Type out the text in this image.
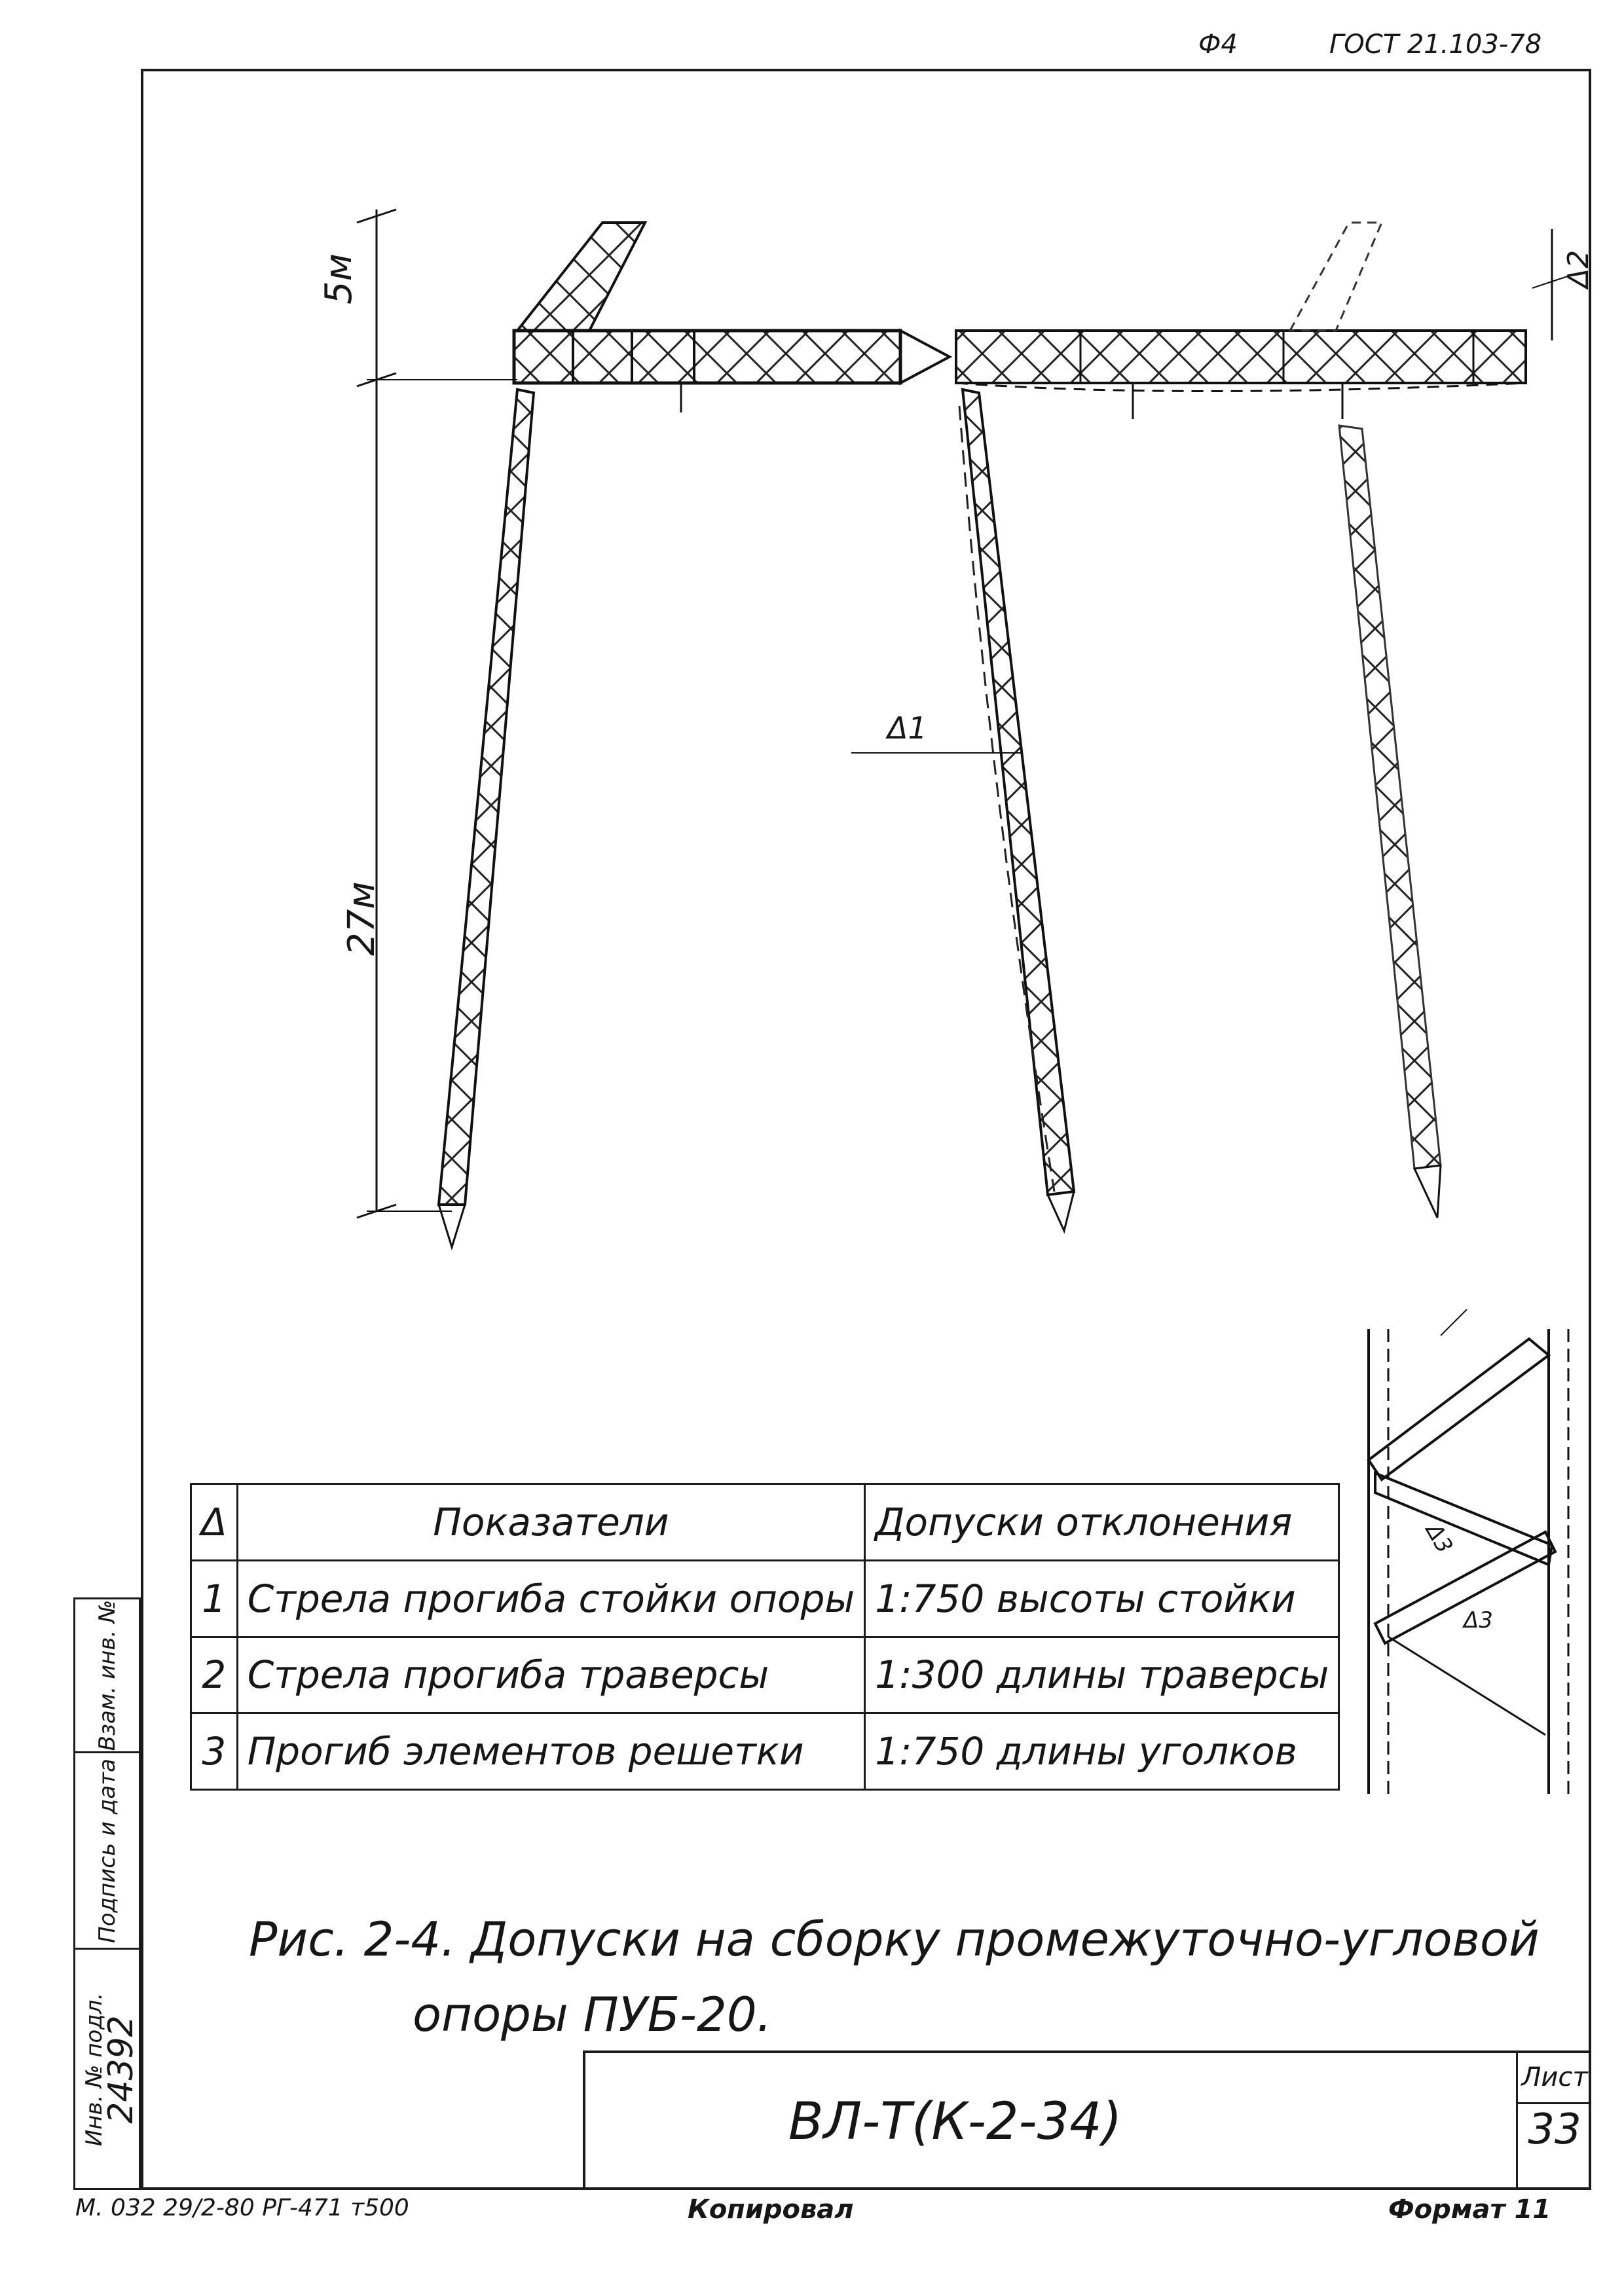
Ф4	ГОСТ 21.103-78
5м
27м
Δ1
Δ2
Δ3
Δ3
Δ	Показатели	Допуски отклонения
1	Стрела прогиба стойки опоры	1:750 высоты стойки
2	Стрела прогиба траверсы	1:300 длины траверсы
3	Прогиб элементов решетки	1:750 длины уголков
Рис. 2-4. Допуски на сборку промежуточно-угловой
опоры ПУБ-20.
Взам. инв. №
Подпись и дата
Инв. № подл.
24392	ВЛ-Т(К-2-34)
Лист
33
М. 032 29/2-80 РГ-471 т500	Копировал	Формат 11
